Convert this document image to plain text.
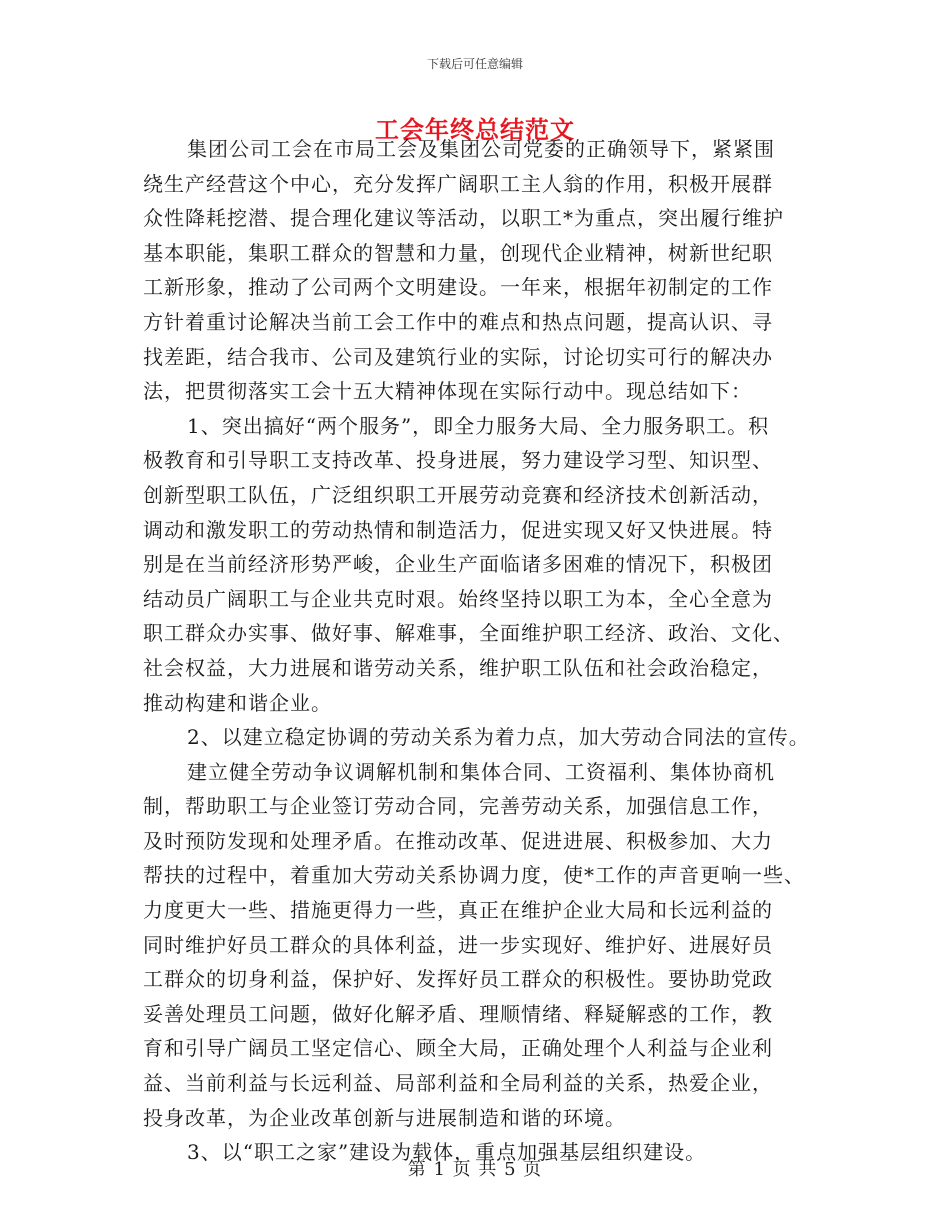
下载后可任意编辑
工会年终总结范文
集团公司工会在市局工会及集团公司党委的正确领导下，紧紧围
绕生产经营这个中心，充分发挥广阔职工主人翁的作用，积极开展群
众性降耗挖潜、提合理化建议等活动，以职工*为重点，突出履行维护
基本职能，集职工群众的智慧和力量，创现代企业精神，树新世纪职
工新形象，推动了公司两个文明建设。一年来，根据年初制定的工作
方针着重讨论解决当前工会工作中的难点和热点问题，提高认识、寻
找差距，结合我市、公司及建筑行业的实际，讨论切实可行的解决办
法，把贯彻落实工会十五大精神体现在实际行动中。现总结如下：
1、突出搞好“两个服务”，即全力服务大局、全力服务职工。积
极教育和引导职工支持改革、投身进展，努力建设学习型、知识型、
创新型职工队伍，广泛组织职工开展劳动竞赛和经济技术创新活动，
调动和激发职工的劳动热情和制造活力，促进实现又好又快进展。特
别是在当前经济形势严峻，企业生产面临诸多困难的情况下，积极团
结动员广阔职工与企业共克时艰。始终坚持以职工为本，全心全意为
职工群众办实事、做好事、解难事，全面维护职工经济、政治、文化、
社会权益，大力进展和谐劳动关系，维护职工队伍和社会政治稳定，
推动构建和谐企业。
2、以建立稳定协调的劳动关系为着力点，加大劳动合同法的宣传。
建立健全劳动争议调解机制和集体合同、工资福利、集体协商机
制，帮助职工与企业签订劳动合同，完善劳动关系，加强信息工作，
及时预防发现和处理矛盾。在推动改革、促进进展、积极参加、大力
帮扶的过程中，着重加大劳动关系协调力度，使*工作的声音更响一些、
力度更大一些、措施更得力一些，真正在维护企业大局和长远利益的
同时维护好员工群众的具体利益，进一步实现好、维护好、进展好员
工群众的切身利益，保护好、发挥好员工群众的积极性。要协助党政
妥善处理员工问题，做好化解矛盾、理顺情绪、释疑解惑的工作，教
育和引导广阔员工坚定信心、顾全大局，正确处理个人利益与企业利
益、当前利益与长远利益、局部利益和全局利益的关系，热爱企业，
投身改革，为企业改革创新与进展制造和谐的环境。
3、以“职工之家”建设为载体，重点加强基层组织建设。
第 1 页 共 5 页
